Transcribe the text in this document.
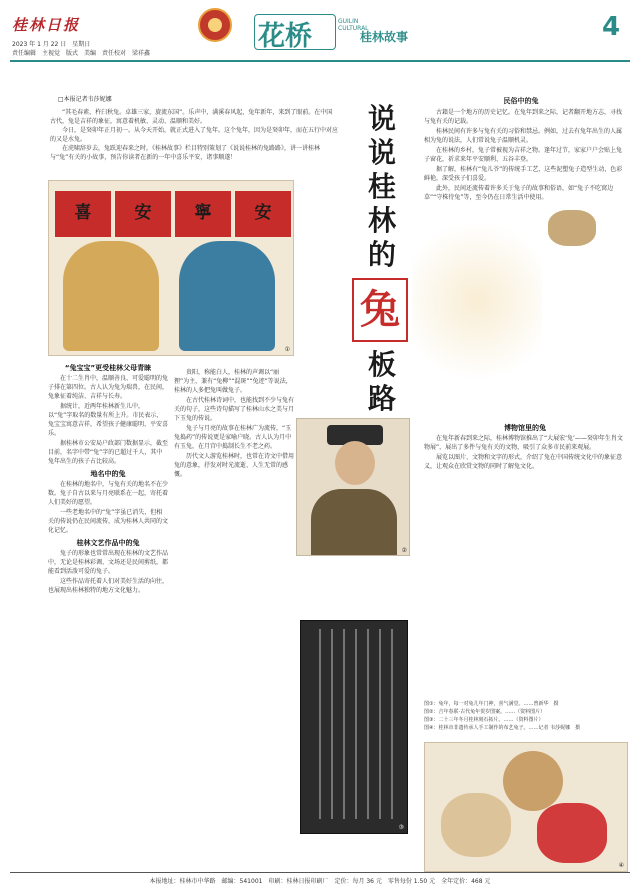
桂林日报
2023 年 1 月 22 日　星期日
责任编辑　主视觉　版式　美编　责任校对　梁祥鑫
花桥	GUILIN CULTURAL
桂林故事	4
□本报记者韦莎妮娜

“其毛春素，杵臼秋兔。卓雄三家，旋流东国”。乐声中，满溪春风起，兔年新年，来到了眼前。在中国古代，兔是吉祥的象征，寓意着机敏、灵动、温顺和美好。

今日，是癸卯年正月初一。从今天开始，就正式进入了兔年。这个兔年，因为是癸卯年，而在五行中对应的又是水兔。

在虎啸辞岁去，兔跃迎春来之时，《桂林故事》栏目特别策划了《说说桂林的兔路路》，讲一讲桂林与“兔”有关的小故事，预告你读者在新的一年中喜乐平安，诸事顺遂！

喜	安	寧	安
①
说
说
桂
林
的
兔
板
路

“兔宝宝”更受桂林父母青睐

在十二生肖中，温顺善良、可爱聪明的兔子排在第四位。古人认为兔为瑞兽，在民间，兔象征着纯洁、吉祥与长寿。

据统计，近两年桂林新生儿中，以“兔”字取名的数量有所上升。市民表示，兔宝宝寓意吉祥，希望孩子健康聪明、平安喜乐。

据桂林市公安局户政部门数据显示，截至目前，名字中带“兔”字的已超过千人，其中兔年出生的孩子占比较高。

地名中的兔

在桂林的地名中，与兔有关的地名不在少数。兔子自古以来与月亮联系在一起，寄托着人们美好的愿望。

一些老地名中的“兔”字虽已消失，但相关的传说仍在民间流传，成为桂林人共同的文化记忆。

桂林文艺作品中的兔

兔子的形象也常常出现在桂林的文艺作品中，无论是桂林彩调、文场还是民间剪纸，都能看到活泼可爱的兔子。

这些作品寄托着人们对美好生活的向往，也展现出桂林独特的地方文化魅力。

贵阳，称能白人，桂林的声调以“丽狸”为主，兼有“兔柳”“混斑”“兔迹”等说法，桂林的人多把兔叫做兔子。

在古代桂林诗词中，也能找到不少与兔有关的句子，这些诗句描写了桂林山水之美与月下玉兔的传说。

兔子与月亮的故事在桂林广为流传，“玉兔捣药”的传说更是家喻户晓。古人认为月中有玉兔，在月宫中捣制长生不老之药。

历代文人游览桂林时，也常在诗文中借用兔的意象，抒发对时光流逝、人生无常的感慨。

②
③
民俗中的兔

古籍是一个地方的历史记忆。在兔年到来之际，记者翻开地方志，寻找与兔有关的记载。

桂林民间有许多与兔有关的习俗和禁忌。例如，过去有兔年出生的人属相为兔的说法，人们常说兔子温顺机灵。

在桂林的乡村，兔子常被视为吉祥之物。逢年过节，家家户户会贴上兔子窗花，祈求来年平安顺利、五谷丰登。

据了解，桂林有“兔儿爷”的传统手工艺，这些泥塑兔子造型生动，色彩鲜艳，深受孩子们喜爱。

此外，民间还流传着许多关于兔子的故事和俗语，如“兔子不吃窝边草”“守株待兔”等，至今仍在日常生活中使用。

博物馆里的兔

在兔年新春到来之际，桂林博物馆推出了“大展宏‘兔’——癸卯年生肖文物展”，展出了多件与兔有关的文物，吸引了众多市民前来观展。

展览以图片、文物和文字的形式，介绍了兔在中国传统文化中的象征意义，让观众在欣赏文物的同时了解兔文化。

④
本报地址：桂林市中华路　邮编：541001　印刷：桂林日报印刷厂　定价：每月 36 元　零售每份 1.50 元　全年定价：468 元
图①：兔年，每一对兔儿年门神，喜气满堂。……曾新华　摄
图②：吉年春联·古代兔年贺岁图案。……（资料图片）
图③：二十三年冬月桂林刻石拓片。……（资料图片）
图④：桂林市非遗传承人手工制作的布艺兔子。……记者 韦莎妮娜　摄
